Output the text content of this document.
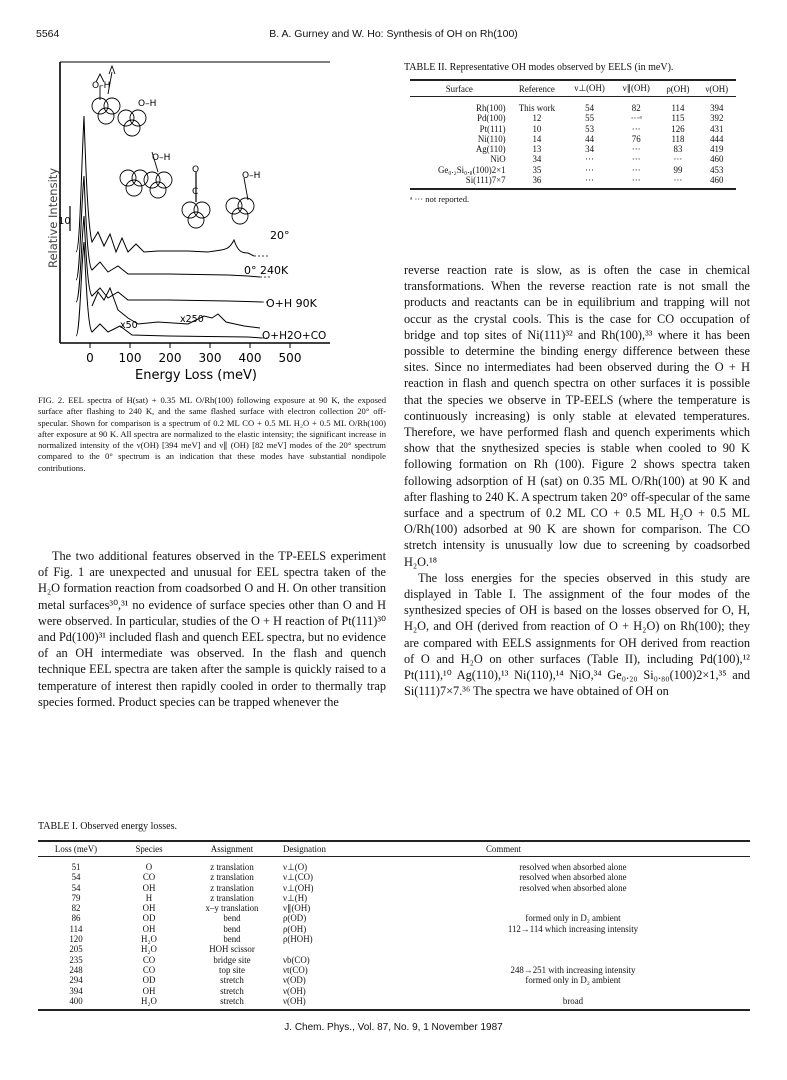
5564	B. A. Gurney and W. Ho: Synthesis of OH on Rh(100)
0 100 200 300 400 500
Energy Loss (meV)
Relative Intensity
10
20°
0° 240K
O+H 90K
O+H2O+CO
x50
x250
O–H
O–H
O–H
O
C
O–H
FIG. 2. EEL spectra of H(sat) + 0.35 ML O/Rh(100) following exposure at 90 K, the exposed surface after flashing to 240 K, and the same flashed surface with electron collection 20° off-specular. Shown for comparison is a spectrum of 0.2 ML CO + 0.5 ML H₂O + 0.5 ML O/Rh(100) after exposure at 90 K. All spectra are normalized to the elastic intensity; the significant increase in normalized intensity of the ν(OH) [394 meV] and ν∥ (OH) [82 meV] modes of the 20° spectrum compared to the 0° spectrum is an indication that these modes have substantial nondipole contributions.

The two additional features observed in the TP-EELS experiment of Fig. 1 are unexpected and unusual for EEL spectra taken of the H₂O formation reaction from coadsorbed O and H. On other transition metal surfaces³⁰,³¹ no evidence of surface species other than O and H were observed. In particular, studies of the O + H reaction of Pt(111)³⁰ and Pd(100)³¹ included flash and quench EEL spectra, but no evidence of an OH intermediate was observed. In the flash and quench technique EEL spectra are taken after the sample is quickly raised to a temperature of interest then rapidly cooled in order to thermally trap species formed. Product species can be trapped whenever the

TABLE II. Representative OH modes observed by EELS (in meV).
Surface	Reference	ν⊥(OH)	ν∥(OH)	ρ(OH)	ν(OH)

Rh(100)	This work	54	82	114	394
Pd(100)	12	55	···ᵃ	115	392
Pt(111)	10	53	···	126	431
Ni(110)	14	44	76	118	444
Ag(110)	13	34	···	83	419
NiO	34	···	···	···	460
Ge₀.₂Si₀.₈(100)2×1	35	···	···	99	453
Si(111)7×7	36	···	···	···	460
ᵃ ··· not reported.

reverse reaction rate is slow, as is often the case in chemical transformations. When the reverse reaction rate is not small the products and reactants can be in equilibrium and trapping will not occur as the crystal cools. This is the case for CO occupation of bridge and top sites of Ni(111)³² and Rh(100),³³ where it has been possible to determine the binding energy difference between these sites. Since no intermediates had been observed during the O + H reaction in flash and quench spectra on other surfaces it is possible that the species we observe in TP-EELS (where the temperature is continuously increasing) is only stable at elevated temperatures. Therefore, we have performed flash and quench experiments which show that the snythesized species is stable when cooled to 90 K following formation on Rh (100). Figure 2 shows spectra taken following adsorption of H (sat) on 0.35 ML O/Rh(100) at 90 K and after flashing to 240 K. A spectrum taken 20° off-specular of the same surface and a spectrum of 0.2 ML CO + 0.5 ML H₂O + 0.5 ML O/Rh(100) adsorbed at 90 K are shown for comparison. The CO stretch intensity is unusually low due to screening by coadsorbed H₂O.¹⁸

The loss energies for the species observed in this study are displayed in Table I. The assignment of the four modes of the synthesized species of OH is based on the losses observed for O, H, H₂O, and OH (derived from reaction of O + H₂O) on Rh(100); they are compared with EELS assignments for OH derived from reaction of O and H₂O on other surfaces (Table II), including Pd(100),¹² Pt(111),¹⁰ Ag(110),¹³ Ni(110),¹⁴ NiO,³⁴ Ge₀.₂₀ Si₀.₈₀(100)2×1,³⁵ and Si(111)7×7.³⁶ The spectra we have obtained of OH on

TABLE I. Observed energy losses.
Loss (meV)	Species	Assignment	Designation	Comment

51	O	z translation	ν⊥(O)	resolved when absorbed alone
54	CO	z translation	ν⊥(CO)	resolved when absorbed alone
54	OH	z translation	ν⊥(OH)	resolved when absorbed alone
79	H	z translation	ν⊥(H)	
82	OH	x–y translation	ν∥(OH)	
86	OD	bend	ρ(OD)	formed only in D₂ ambient
114	OH	bend	ρ(OH)	112→114 which increasing intensity
120	H₂O	bend	ρ(HOH)	
205	H₂O	HOH scissor		
235	CO	bridge site	νb(CO)	
248	CO	top site	νt(CO)	248→251 with increasing intensity
294	OD	stretch	ν(OD)	formed only in D₂ ambient
394	OH	stretch	ν(OH)	
400	H₂O	stretch	ν(OH)	broad
J. Chem. Phys., Vol. 87, No. 9, 1 November 1987
